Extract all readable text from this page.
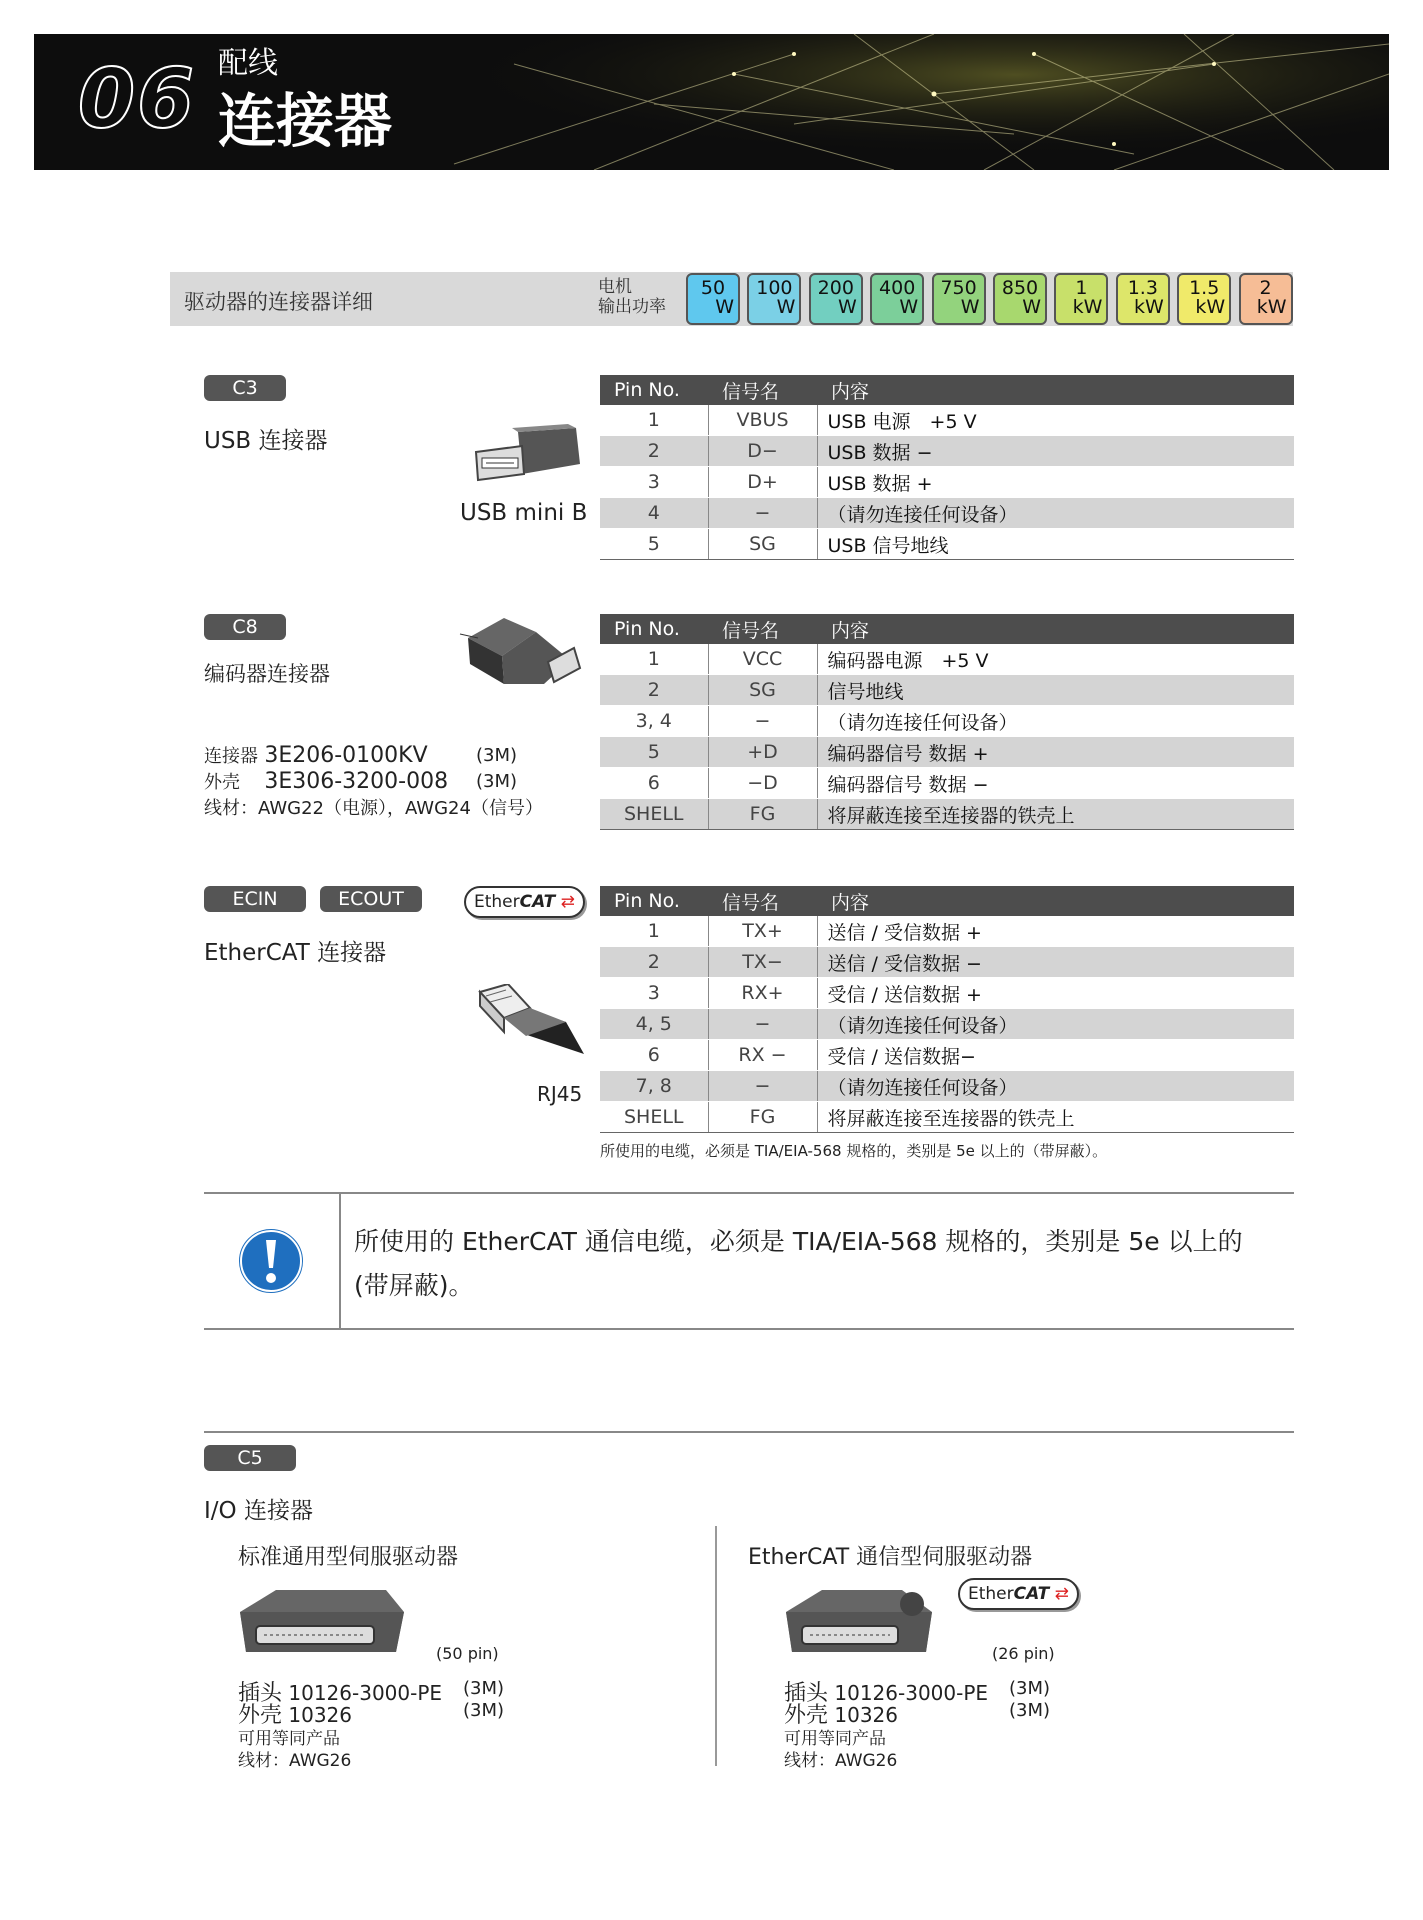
06 配线
连接器
驱动器的连接器详细
电机
输出功率
50
W
100
W
200
W
400
W
750
W
850
W
1
kW
1.3
kW
1.5
kW
2
kW
C3
USB 连接器
USB mini B
Pin No.	信号名	内容
1	VBUS	USB 电源　+5 V
2	D−	USB 数据 −
3	D+	USB 数据 +
4	−	（请勿连接任何设备）
5	SG	USB 信号地线
C8
编码器连接器
连接器 3E206-0100KV	(3M)
外壳 3E306-3200-008 (3M)
线材：AWG22（电源），AWG24（信号）
Pin No.	信号名	内容
1	VCC	编码器电源　+5 V
2	SG	信号地线
3, 4	−	（请勿连接任何设备）
5	+D	编码器信号 数据 +
6	−D	编码器信号 数据 −
SHELL	FG	将屏蔽连接至连接器的铁壳上
ECIN	ECOUT
EtherCAT 连接器
EtherCAT ⇄
RJ45
Pin No.	信号名	内容
1	TX+	送信 / 受信数据 +
2	TX−	送信 / 受信数据 −
3	RX+	受信 / 送信数据 +
4, 5	−	（请勿连接任何设备）
6	RX −	受信 / 送信数据−
7, 8	−	（请勿连接任何设备）
SHELL	FG	将屏蔽连接至连接器的铁壳上
所使用的电缆，必须是 TIA/EIA-568 规格的，类别是 5e 以上的（带屏蔽）。
所使用的 EtherCAT 通信电缆，必须是 TIA/EIA-568 规格的，类别是 5e 以上的
(带屏蔽)。
C5
I/O 连接器
标准通用型伺服驱动器
(50 pin)
插头 10126-3000-PE (3M)
外壳 10326	(3M)
可用等同产品
线材：AWG26
EtherCAT 通信型伺服驱动器
EtherCAT ⇄
(26 pin)
插头 10126-3000-PE (3M)
外壳 10326	(3M)
可用等同产品
线材：AWG26
